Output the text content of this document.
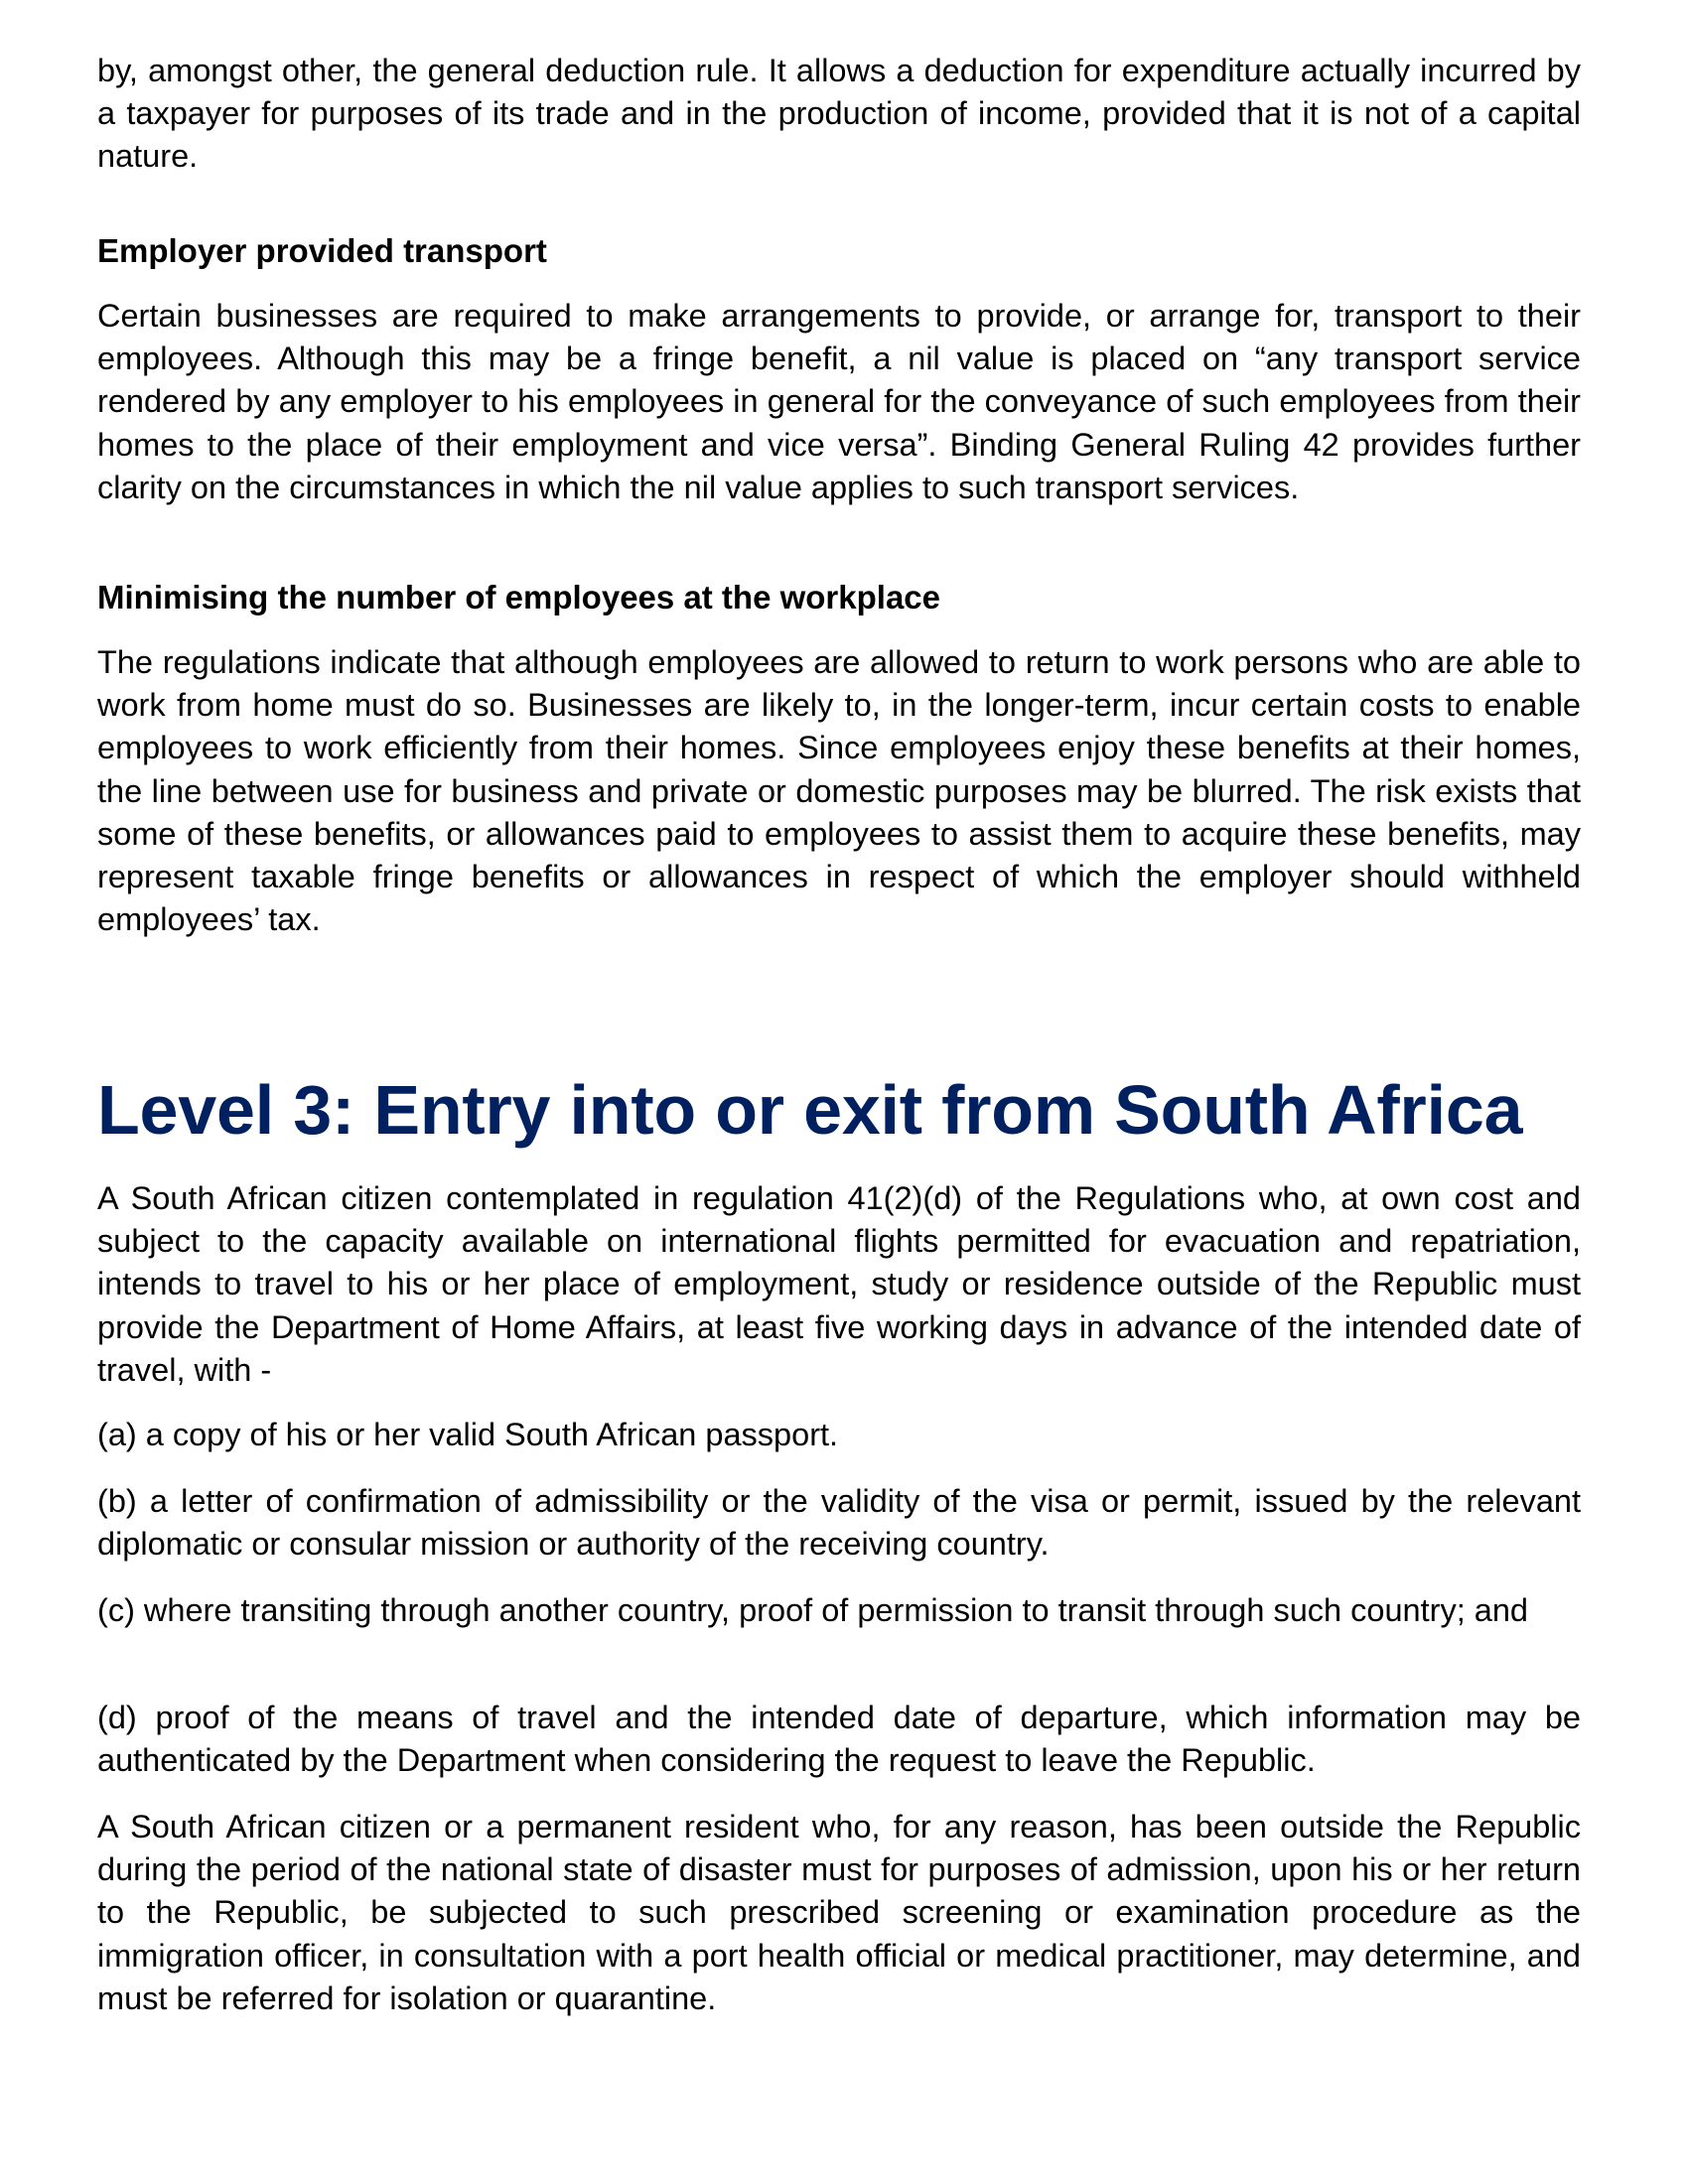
by, amongst other, the general deduction rule. It allows a deduction for expenditure actually incurred by a taxpayer for purposes of its trade and in the production of income, provided that it is not of a capital nature.

Employer provided transport

Certain businesses are required to make arrangements to provide, or arrange for, transport to their employees. Although this may be a fringe benefit, a nil value is placed on “any transport service rendered by any employer to his employees in general for the conveyance of such employees from their homes to the place of their employment and vice versa”. Binding General Ruling 42 provides further clarity on the circumstances in which the nil value applies to such transport services.

Minimising the number of employees at the workplace

The regulations indicate that although employees are allowed to return to work persons who are able to work from home must do so. Businesses are likely to, in the longer-term, incur certain costs to enable employees to work efficiently from their homes. Since employees enjoy these benefits at their homes, the line between use for business and private or domestic purposes may be blurred. The risk exists that some of these benefits, or allowances paid to employees to assist them to acquire these benefits, may represent taxable fringe benefits or allowances in respect of which the employer should withheld employees’ tax.

Level 3: Entry into or exit from South Africa

A South African citizen contemplated in regulation 41(2)(d) of the Regulations who, at own cost and subject to the capacity available on international flights permitted for evacuation and repatriation, intends to travel to his or her place of employment, study or residence outside of the Republic must provide the Department of Home Affairs, at least five working days in advance of the intended date of travel, with -

(a) a copy of his or her valid South African passport.

(b) a letter of confirmation of admissibility or the validity of the visa or permit, issued by the relevant diplomatic or consular mission or authority of the receiving country.

(c) where transiting through another country, proof of permission to transit through such country; and

(d) proof of the means of travel and the intended date of departure, which information may be authenticated by the Department when considering the request to leave the Republic.

A South African citizen or a permanent resident who, for any reason, has been outside the Republic during the period of the national state of disaster must for purposes of admission, upon his or her return to the Republic, be subjected to such prescribed screening or examination procedure as the immigration officer, in consultation with a port health official or medical practitioner, may determine, and must be referred for isolation or quarantine.
